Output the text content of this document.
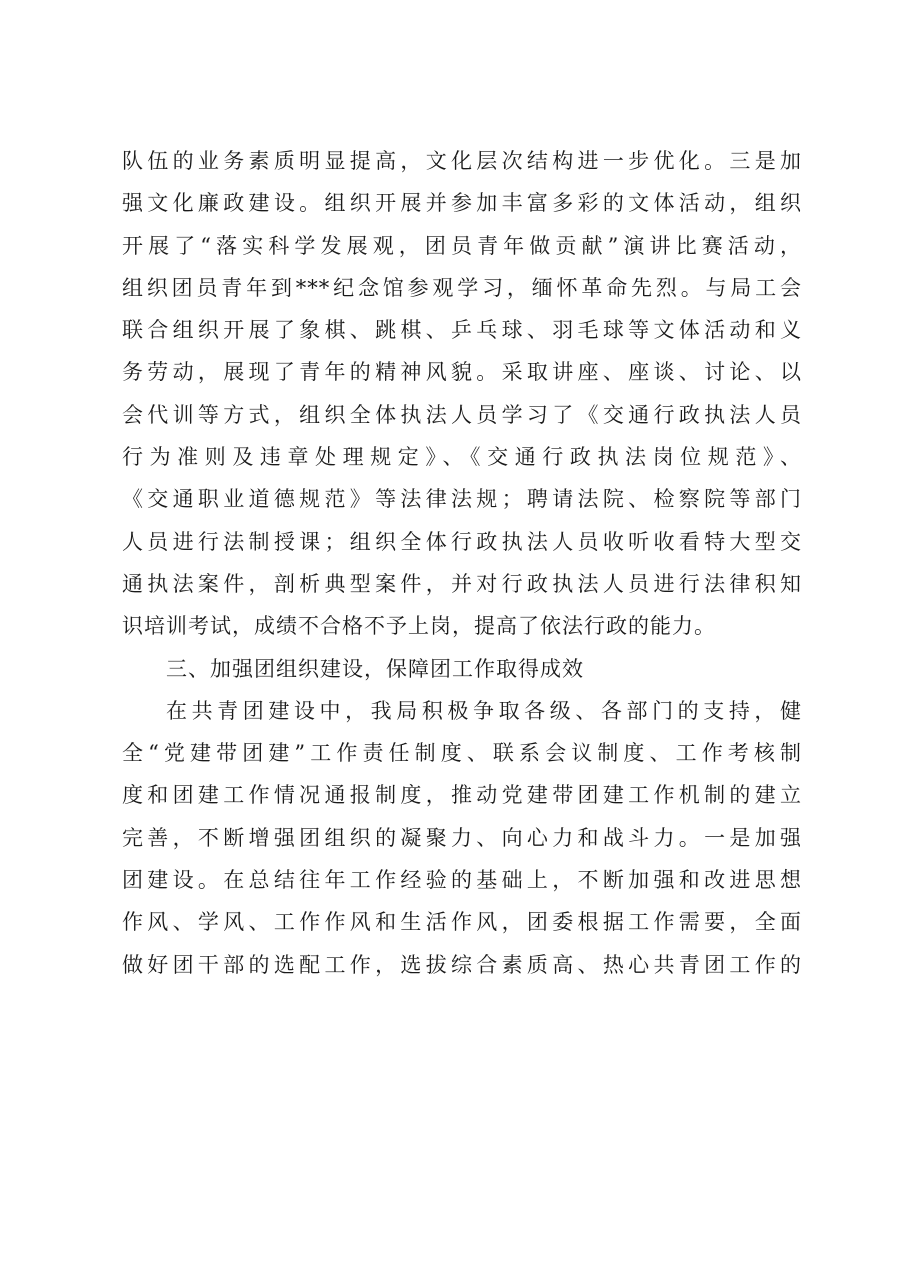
队伍的业务素质明显提高，文化层次结构进一步优化。三是加
强文化廉政建设。组织开展并参加丰富多彩的文体活动，组织
开展了“落实科学发展观，团员青年做贡献”演讲比赛活动，
组织团员青年到***纪念馆参观学习，缅怀革命先烈。与局工会
联合组织开展了象棋、跳棋、乒乓球、羽毛球等文体活动和义
务劳动，展现了青年的精神风貌。采取讲座、座谈、讨论、以
会代训等方式，组织全体执法人员学习了《交通行政执法人员
行为准则及违章处理规定》、《交通行政执法岗位规范》、
《交通职业道德规范》等法律法规；聘请法院、检察院等部门
人员进行法制授课；组织全体行政执法人员收听收看特大型交
通执法案件，剖析典型案件，并对行政执法人员进行法律积知
识培训考试，成绩不合格不予上岗，提高了依法行政的能力。
三、加强团组织建设，保障团工作取得成效
在共青团建设中，我局积极争取各级、各部门的支持，健
全“党建带团建”工作责任制度、联系会议制度、工作考核制
度和团建工作情况通报制度，推动党建带团建工作机制的建立
完善，不断增强团组织的凝聚力、向心力和战斗力。一是加强
团建设。在总结往年工作经验的基础上，不断加强和改进思想
作风、学风、工作作风和生活作风，团委根据工作需要，全面
做好团干部的选配工作，选拔综合素质高、热心共青团工作的
